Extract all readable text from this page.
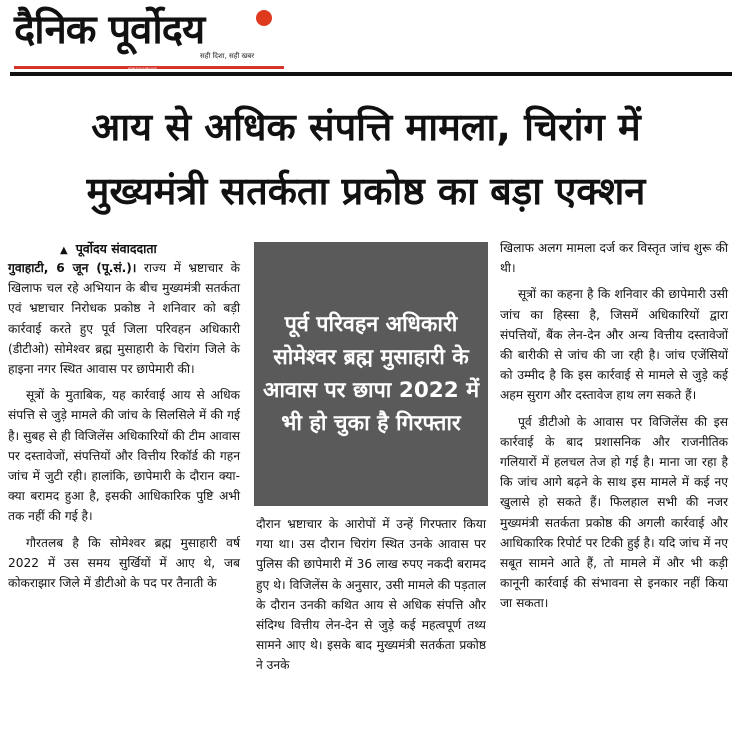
दैनिक पूर्वोदय
सही दिशा, सही खबर
www.purvoday.com
आय से अधिक संपत्ति मामला, चिरांग में
मुख्यमंत्री सतर्कता प्रकोष्ठ का बड़ा एक्शन
▲ पूर्वोदय संवाददाता

गुवाहाटी, 6 जून (पू.सं.)। राज्य में भ्रष्टाचार के खिलाफ चल रहे अभियान के बीच मुख्यमंत्री सतर्कता एवं भ्रष्टाचार निरोधक प्रकोष्ठ ने शनिवार को बड़ी कार्रवाई करते हुए पूर्व जिला परिवहन अधिकारी (डीटीओ) सोमेश्वर ब्रह्म मुसाहारी के चिरांग जिले के हाइना नगर स्थित आवास पर छापेमारी की।

सूत्रों के मुताबिक, यह कार्रवाई आय से अधिक संपत्ति से जुड़े मामले की जांच के सिलसिले में की गई है। सुबह से ही विजिलेंस अधिकारियों की टीम आवास पर दस्तावेजों, संपत्तियों और वित्तीय रिकॉर्ड की गहन जांच में जुटी रही। हालांकि, छापेमारी के दौरान क्या-क्या बरामद हुआ है, इसकी आधिकारिक पुष्टि अभी तक नहीं की गई है।

गौरतलब है कि सोमेश्वर ब्रह्म मुसाहारी वर्ष 2022 में उस समय सुर्खियों में आए थे, जब कोकराझार जिले में डीटीओ के पद पर तैनाती के

पूर्व परिवहन अधिकारी सोमेश्वर ब्रह्म मुसाहारी के आवास पर छापा 2022 में भी हो चुका है गिरफ्तार

दौरान भ्रष्टाचार के आरोपों में उन्हें गिरफ्तार किया गया था। उस दौरान चिरांग स्थित उनके आवास पर पुलिस की छापेमारी में 36 लाख रुपए नकदी बरामद हुए थे। विजिलेंस के अनुसार, उसी मामले की पड़ताल के दौरान उनकी कथित आय से अधिक संपत्ति और संदिग्ध वित्तीय लेन-देन से जुड़े कई महत्वपूर्ण तथ्य सामने आए थे। इसके बाद मुख्यमंत्री सतर्कता प्रकोष्ठ ने उनके

खिलाफ अलग मामला दर्ज कर विस्तृत जांच शुरू की थी।

सूत्रों का कहना है कि शनिवार की छापेमारी उसी जांच का हिस्सा है, जिसमें अधिकारियों द्वारा संपत्तियों, बैंक लेन-देन और अन्य वित्तीय दस्तावेजों की बारीकी से जांच की जा रही है। जांच एजेंसियों को उम्मीद है कि इस कार्रवाई से मामले से जुड़े कई अहम सुराग और दस्तावेज हाथ लग सकते हैं।

पूर्व डीटीओ के आवास पर विजिलेंस की इस कार्रवाई के बाद प्रशासनिक और राजनीतिक गलियारों में हलचल तेज हो गई है। माना जा रहा है कि जांच आगे बढ़ने के साथ इस मामले में कई नए खुलासे हो सकते हैं। फिलहाल सभी की नजर मुख्यमंत्री सतर्कता प्रकोष्ठ की अगली कार्रवाई और आधिकारिक रिपोर्ट पर टिकी हुई है। यदि जांच में नए सबूत सामने आते हैं, तो मामले में और भी कड़ी कानूनी कार्रवाई की संभावना से इनकार नहीं किया जा सकता।
